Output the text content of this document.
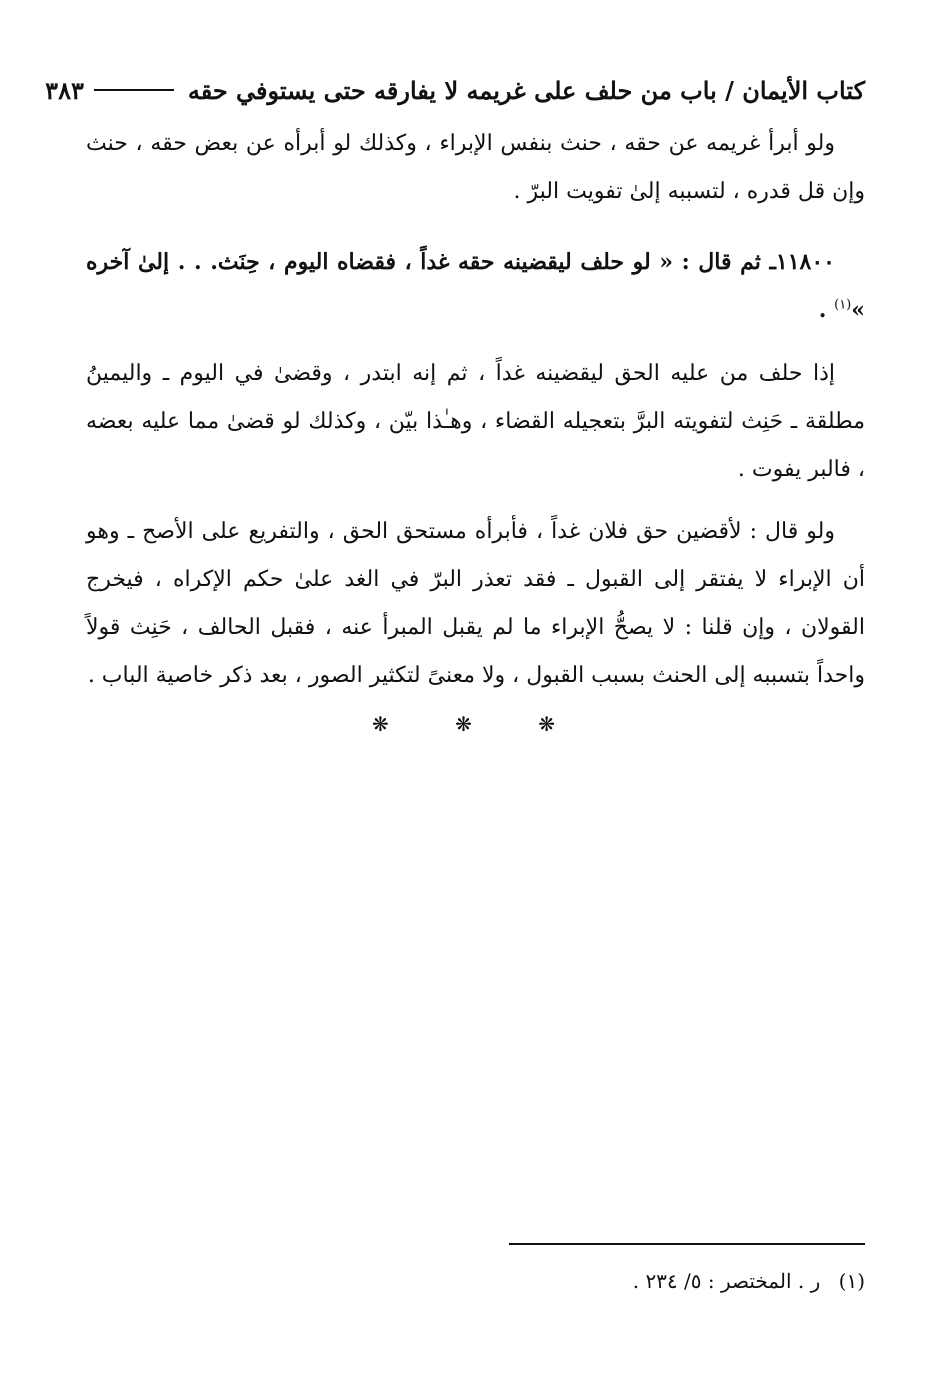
كتاب الأيمان / باب من حلف على غريمه لا يفارقه حتى يستوفي حقه
٣٨٣

ولو أبرأ غريمه عن حقه ، حنث بنفس الإبراء ، وكذلك لو أبرأه عن بعض حقه ، حنث وإن قل قدره ، لتسببه إلىٰ تفويت البرّ .

١١٨٠٠ـ ثم قال : « لو حلف ليقضينه حقه غداً ، فقضاه اليوم ، حِنَث. . . إلىٰ آخره »$^{(١)}$ .

إذا حلف من عليه الحق ليقضينه غداً ، ثم إنه ابتدر ، وقضىٰ في اليوم ـ واليمينُ مطلقة ـ حَنِث لتفويته البرَّ بتعجيله القضاء ، وهـٰذا بيّن ، وكذلك لو قضىٰ مما عليه بعضه ، فالبر يفوت .

ولو قال : لأقضين حق فلان غداً ، فأبرأه مستحق الحق ، والتفريع على الأصح ـ وهو أن الإبراء لا يفتقر إلى القبول ـ فقد تعذر البرّ في الغد علىٰ حكم الإكراه ، فيخرج القولان ، وإن قلنا : لا يصحُّ الإبراء ما لم يقبل المبرأ عنه ، فقبل الحالف ، حَنِث قولاً واحداً بتسببه إلى الحنث بسبب القبول ، ولا معنىً لتكثير الصور ، بعد ذكر خاصية الباب .

❋ ❋ ❋
(١) ر . المختصر : ٥/ ٢٣٤ .
